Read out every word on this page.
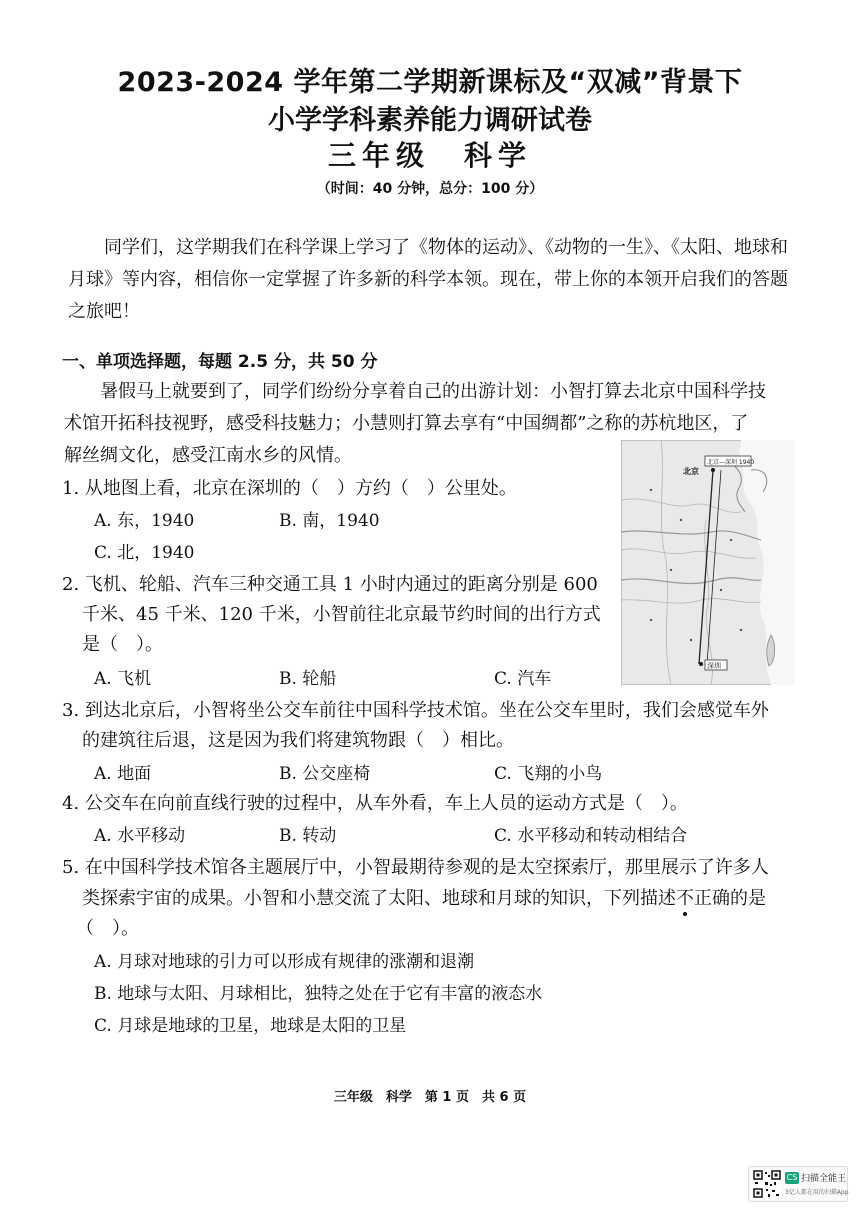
2023-2024 学年第二学期新课标及“双减”背景下
小学学科素养能力调研试卷
三年级　科学
（时间：40 分钟，总分：100 分）
同学们，这学期我们在科学课上学习了《物体的运动》、《动物的一生》、《太阳、地球和月球》等内容，相信你一定掌握了许多新的科学本领。现在，带上你的本领开启我们的答题之旅吧！
一、单项选择题，每题 2.5 分，共 50 分
暑假马上就要到了，同学们纷纷分享着自己的出游计划：小智打算去北京中国科学技
术馆开拓科技视野，感受科技魅力；小慧则打算去享有“中国绸都”之称的苏杭地区，了
解丝绸文化，感受江南水乡的风情。
1. 从地图上看，北京在深圳的（　）方约（　）公里处。
A. 东，1940	B. 南，1940
C. 北，1940
2. 飞机、轮船、汽车三种交通工具 1 小时内通过的距离分别是 600
千米、45 千米、120 千米，小智前往北京最节约时间的出行方式
是（　）。
A. 飞机	B. 轮船	C. 汽车
3. 到达北京后，小智将坐公交车前往中国科学技术馆。坐在公交车里时，我们会感觉车外
的建筑往后退，这是因为我们将建筑物跟（　）相比。
A. 地面	B. 公交座椅	C. 飞翔的小鸟
4. 公交车在向前直线行驶的过程中，从车外看，车上人员的运动方式是（　）。
A. 水平移动	B. 转动	C. 水平移动和转动相结合
5. 在中国科学技术馆各主题展厅中，小智最期待参观的是太空探索厅，那里展示了许多人
类探索宇宙的成果。小智和小慧交流了太阳、地球和月球的知识，下列描述不正确的是
（　）。
A. 月球对地球的引力可以形成有规律的涨潮和退潮
B. 地球与太阳、月球相比，独特之处在于它有丰富的液态水
C. 月球是地球的卫星，地球是太阳的卫星
北京—深圳 1940
北京
深圳
三年级　科学　第 1 页　共 6 页
CS 扫描全能王
3亿人都在用的扫描App
